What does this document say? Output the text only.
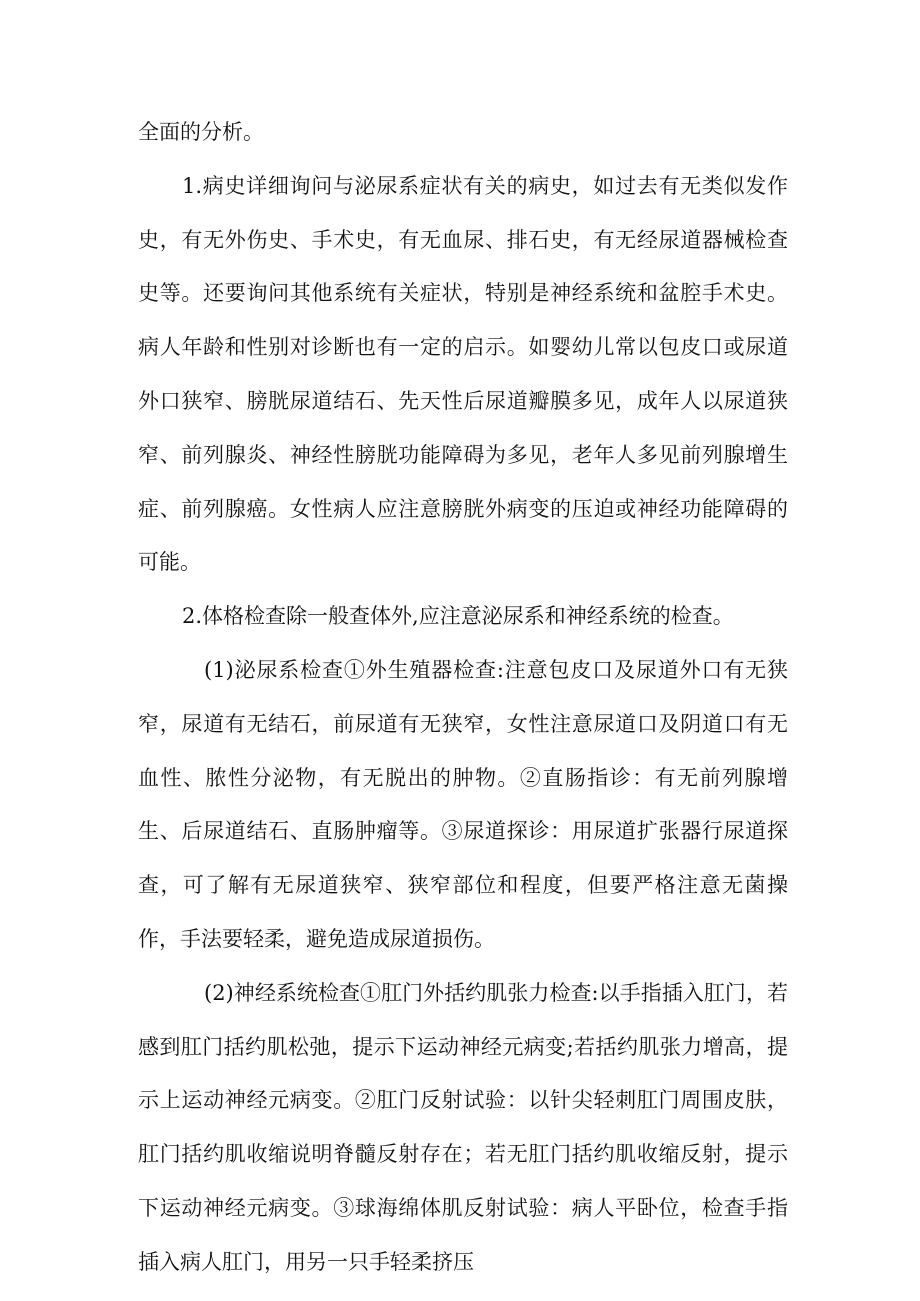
全面的分析。

1.病史详细询问与泌尿系症状有关的病史，如过去有无类似发作史，有无外伤史、手术史，有无血尿、排石史，有无经尿道器械检查史等。还要询问其他系统有关症状，特别是神经系统和盆腔手术史。病人年龄和性别对诊断也有一定的启示。如婴幼儿常以包皮口或尿道外口狭窄、膀胱尿道结石、先天性后尿道瓣膜多见，成年人以尿道狭窄、前列腺炎、神经性膀胱功能障碍为多见，老年人多见前列腺增生症、前列腺癌。女性病人应注意膀胱外病变的压迫或神经功能障碍的可能。

2.体格检查除一般查体外,应注意泌尿系和神经系统的检查。

(1)泌尿系检查①外生殖器检查:注意包皮口及尿道外口有无狭窄，尿道有无结石，前尿道有无狭窄，女性注意尿道口及阴道口有无血性、脓性分泌物，有无脱出的肿物。②直肠指诊：有无前列腺增生、后尿道结石、直肠肿瘤等。③尿道探诊：用尿道扩张器行尿道探查，可了解有无尿道狭窄、狭窄部位和程度，但要严格注意无菌操作，手法要轻柔，避免造成尿道损伤。

(2)神经系统检查①肛门外括约肌张力检查:以手指插入肛门，若感到肛门括约肌松弛，提示下运动神经元病变;若括约肌张力增高，提示上运动神经元病变。②肛门反射试验：以针尖轻刺肛门周围皮肤，肛门括约肌收缩说明脊髓反射存在；若无肛门括约肌收缩反射，提示下运动神经元病变。③球海绵体肌反射试验：病人平卧位，检查手指插入病人肛门，用另一只手轻柔挤压
